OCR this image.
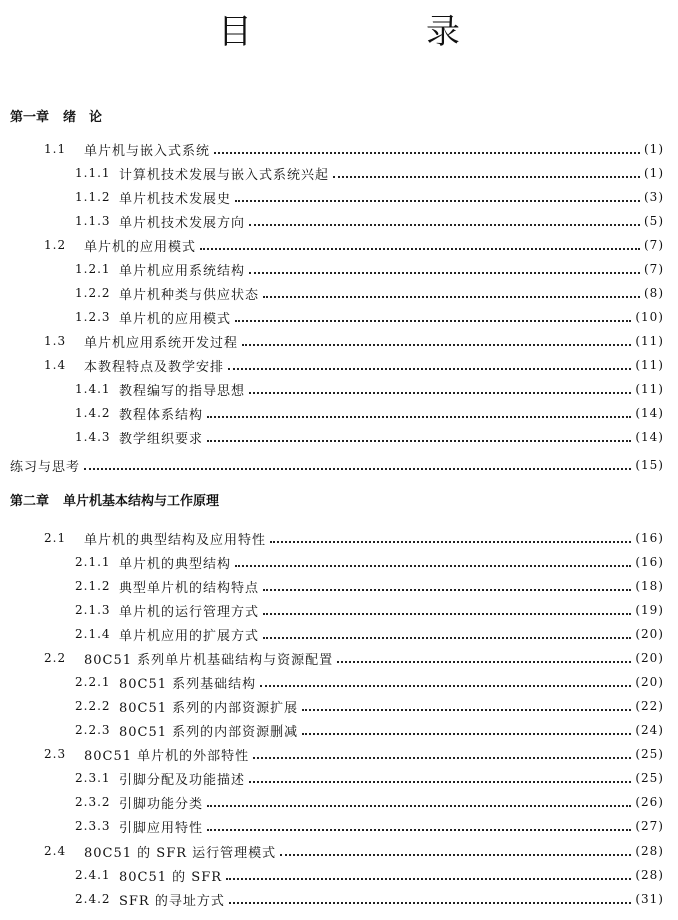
目　录
第一章 绪　论
1.1	单片机与嵌入式系统	(1)
1.1.1 计算机技术发展与嵌入式系统兴起	(1)
1.1.2 单片机技术发展史	(3)
1.1.3 单片机技术发展方向	(5)
1.2	单片机的应用模式	(7)
1.2.1 单片机应用系统结构	(7)
1.2.2 单片机种类与供应状态	(8)
1.2.3 单片机的应用模式	(10)
1.3	单片机应用系统开发过程	(11)
1.4	本教程特点及教学安排	(11)
1.4.1 教程编写的指导思想	(11)
1.4.2 教程体系结构	(14)
1.4.3 教学组织要求	(14)
练习与思考	(15)
第二章 单片机基本结构与工作原理
2.1	单片机的典型结构及应用特性	(16)
2.1.1 单片机的典型结构	(16)
2.1.2 典型单片机的结构特点	(18)
2.1.3 单片机的运行管理方式	(19)
2.1.4 单片机应用的扩展方式	(20)
2.2	80C51 系列单片机基础结构与资源配置	(20)
2.2.1 80C51 系列基础结构	(20)
2.2.2 80C51 系列的内部资源扩展	(22)
2.2.3 80C51 系列的内部资源删减	(24)
2.3	80C51 单片机的外部特性	(25)
2.3.1 引脚分配及功能描述	(25)
2.3.2 引脚功能分类	(26)
2.3.3 引脚应用特性	(27)
2.4	80C51 的 SFR 运行管理模式	(28)
2.4.1 80C51 的 SFR	(28)
2.4.2 SFR 的寻址方式	(31)
